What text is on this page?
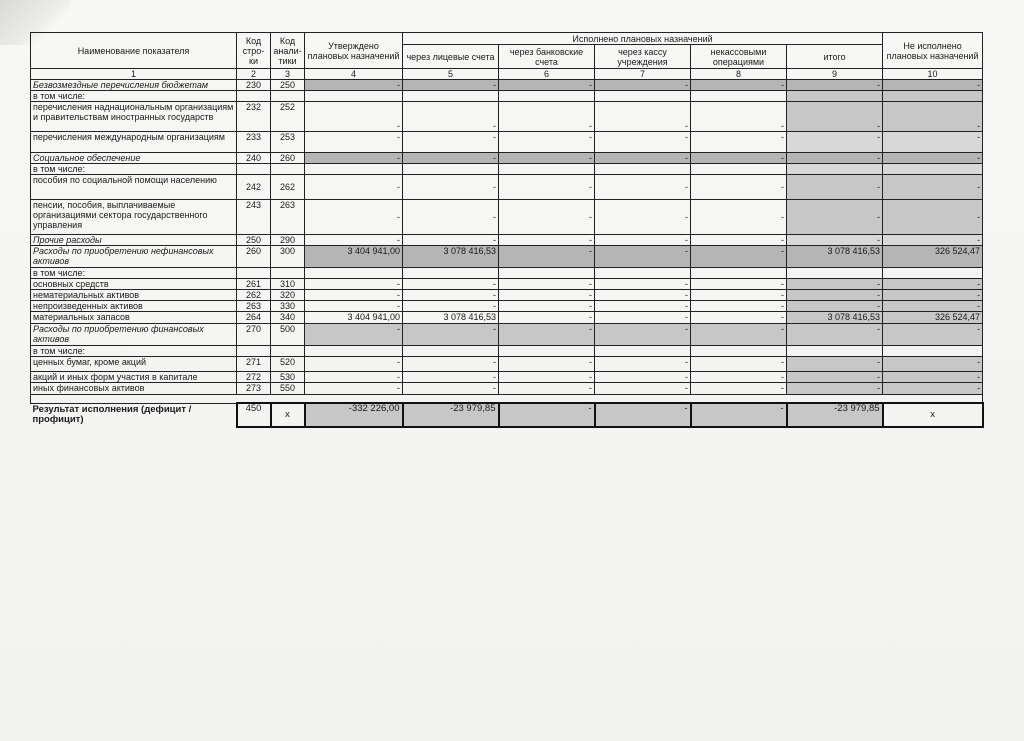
Наименование показателя	Код стро-ки	Код анали-тики	Утверждено плановых назначений	Исполнено плановых назначений					Не исполнено плановых назначений
				через лицевые счета	через банковские счета	через кассу учреждения	некассовыми операциями	итого	
1	2	3	4	5	6	7	8	9	10
Безвозмездные перечисления бюджетам	230	250	-	-	-	-	-	-	-
в том числе:									
перечисления наднациональным организациям и правительствам иностранных государств	232	252	-	-	-	-	-	-	-
перечисления международным организациям	233	253	-	-	-	-	-	-	-
Социальное обеспечение	240	260	-	-	-	-	-	-	-
в том числе:									
пособия по социальной помощи населению	242	262	-	-	-	-	-	-	-
пенсии, пособия, выплачиваемые организациями сектора государственного управления	243	263	-	-	-	-	-	-	-
Прочие расходы	250	290	-	-	-	-	-	-	-
Расходы по приобретению нефинансовых активов	260	300	3 404 941,00	3 078 416,53	-	-	-	3 078 416,53	326 524,47
в том числе:									
основных средств	261	310	-	-	-	-	-	-	-
нематериальных активов	262	320	-	-	-	-	-	-	-
непроизведенных активов	263	330	-	-	-	-	-	-	-
материальных запасов	264	340	3 404 941,00	3 078 416,53	-	-	-	3 078 416,53	326 524,47
Расходы по приобретению финансовых активов	270	500	-	-	-	-	-	-	-
в том числе:									
ценных бумаг, кроме акций	271	520	-	-	-	-	-	-	-
акций и иных форм участия в капитале	272	530	-	-	-	-	-	-	-
иных финансовых активов	273	550	-	-	-	-	-	-	-

Результат исполнения (дефицит / профицит)	450	x	-332 226,00	-23 979,85	-	-	-	-23 979,85	x
